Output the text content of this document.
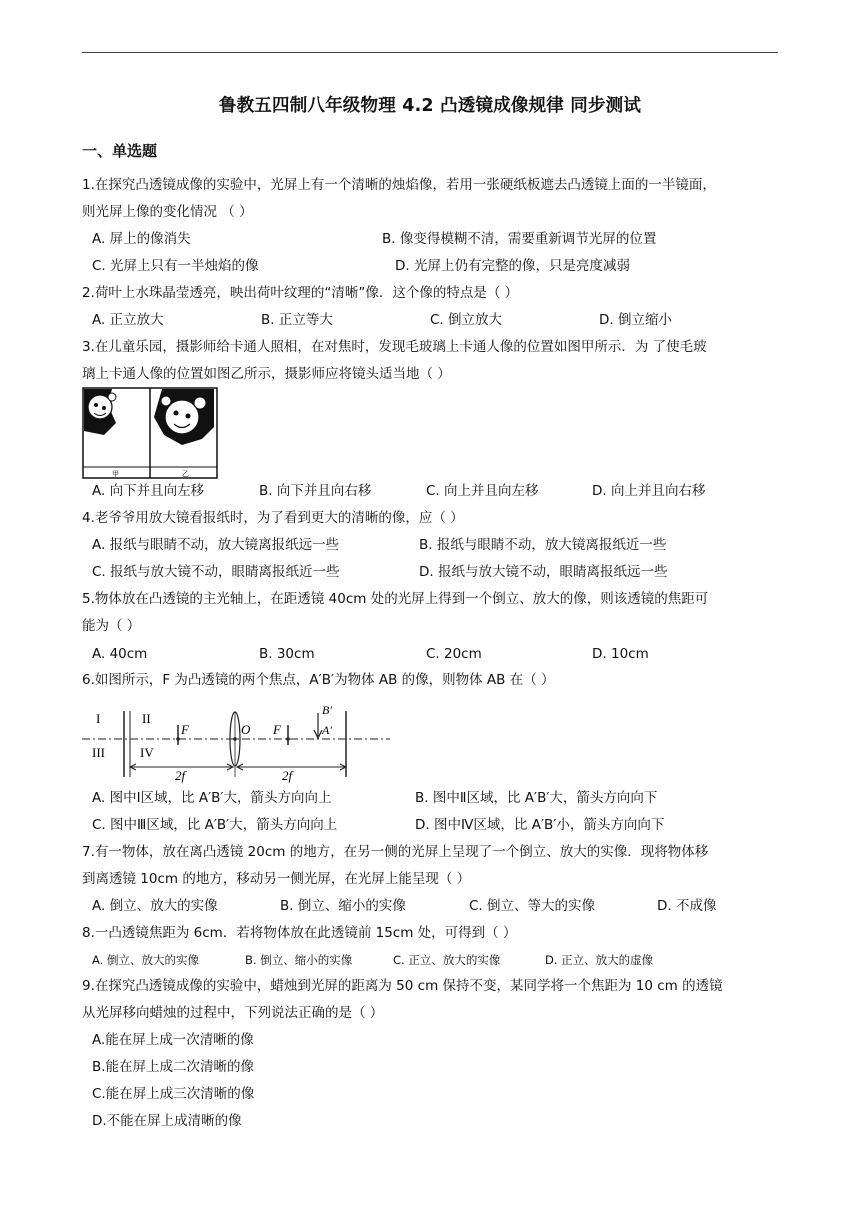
鲁教五四制八年级物理 4.2 凸透镜成像规律 同步测试
一、单选题
1.在探究凸透镜成像的实验中，光屏上有一个清晰的烛焰像，若用一张硬纸板遮去凸透镜上面的一半镜面，
则光屏上像的变化情况 （ ）
A. 屏上的像消失	B. 像变得模糊不清，需要重新调节光屏的位置
C. 光屏上只有一半烛焰的像	D. 光屏上仍有完整的像，只是亮度减弱
2.荷叶上水珠晶莹透亮，映出荷叶纹理的“清晰”像．这个像的特点是（ ）
A. 正立放大	B. 正立等大	C. 倒立放大	D. 倒立缩小
3.在儿童乐园，摄影师给卡通人照相，在对焦时，发现毛玻璃上卡通人像的位置如图甲所示．为 了使毛玻
璃上卡通人像的位置如图乙所示，摄影师应将镜头适当地（ ）
甲	乙
A. 向下并且向左移	B. 向下并且向右移	C. 向上并且向左移	D. 向上并且向右移
4.老爷爷用放大镜看报纸时，为了看到更大的清晰的像，应（ ）
A. 报纸与眼睛不动，放大镜离报纸远一些	B. 报纸与眼睛不动，放大镜离报纸近一些
C. 报纸与放大镜不动，眼睛离报纸近一些	D. 报纸与放大镜不动，眼睛离报纸远一些
5.物体放在凸透镜的主光轴上，在距透镜 40cm 处的光屏上得到一个倒立、放大的像，则该透镜的焦距可
能为（ ）
A. 40cm	B. 30cm	C. 20cm	D. 10cm
6.如图所示，F 为凸透镜的两个焦点，A′B′为物体 AB 的像，则物体 AB 在（ ）
I	II
III	IV
F	O F
B′
A′
2f	2f
A. 图中Ⅰ区域，比 A′B′大，箭头方向向上	B. 图中Ⅱ区域，比 A′B′大，箭头方向向下
C. 图中Ⅲ区域，比 A′B′大，箭头方向向上	D. 图中Ⅳ区域，比 A′B′小，箭头方向向下
7.有一物体，放在离凸透镜 20cm 的地方，在另一侧的光屏上呈现了一个倒立、放大的实像．现将物体移
到离透镜 10cm 的地方，移动另一侧光屏，在光屏上能呈现（ ）
A. 倒立、放大的实像	B. 倒立、缩小的实像	C. 倒立、等大的实像	D. 不成像
8.一凸透镜焦距为 6cm．若将物体放在此透镜前 15cm 处，可得到（ ）
A. 倒立、放大的实像	B. 倒立、缩小的实像	C. 正立、放大的实像	D. 正立、放大的虚像
9.在探究凸透镜成像的实验中，蜡烛到光屏的距离为 50 cm 保持不变，某同学将一个焦距为 10 cm 的透镜
从光屏移向蜡烛的过程中，下列说法正确的是（ ）
A.能在屏上成一次清晰的像
B.能在屏上成二次清晰的像
C.能在屏上成三次清晰的像
D.不能在屏上成清晰的像
